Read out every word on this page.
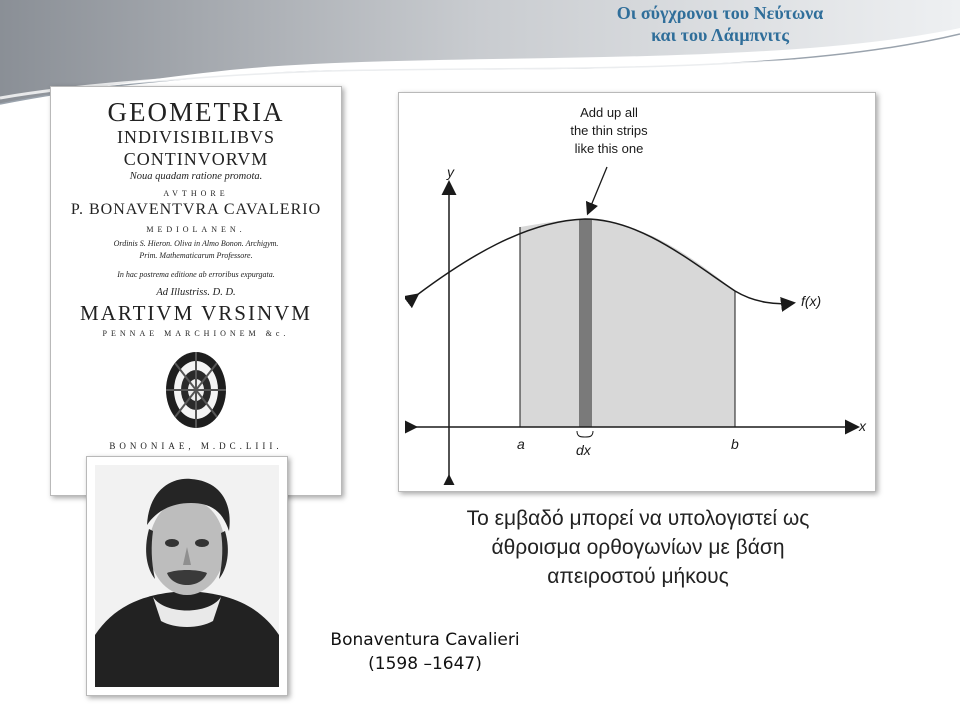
Οι σύγχρονοι του Νεύτωνα
και του Λάιμπνιτς
GEOMETRIA
INDIVISIBILIBVS
CONTINVORVM
Noua quadam ratione promota.
AVTHORE
P. BONAVENTVRA CAVALERIO
MEDIOLANEN.
Ordinis S. Hieron. Oliva in Almo Bonon. Archigym.
Prim. Mathematicarum Professore.
In hac postrema editione ab erroribus expurgata.
Ad Illustriss. D. D.
MARTIVM VRSINVM
PENNAE MARCHIONEM &c.
BONONIAE, M.DC.LIII.
Add up all
the thin strips
like this one
y
x
f(x)
a	b
dx
Το εμβαδό μπορεί να υπολογιστεί ως
άθροισμα ορθογωνίων με βάση
απειροστού μήκους
Bonaventura Cavalieri
(1598 –1647)
